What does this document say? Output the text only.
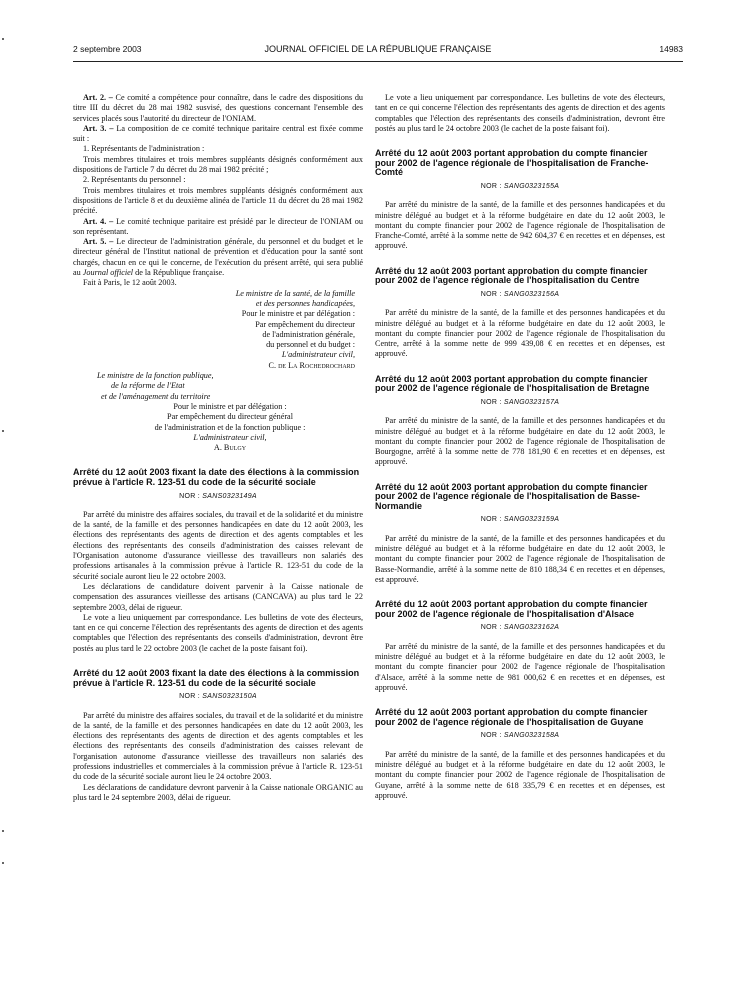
2 septembre 2003	JOURNAL OFFICIEL DE LA RÉPUBLIQUE FRANÇAISE	14983

Art. 2. – Ce comité a compétence pour connaître, dans le cadre des dispositions du titre III du décret du 28 mai 1982 susvisé, des questions concernant l'ensemble des services placés sous l'autorité du directeur de l'ONIAM.

Art. 3. – La composition de ce comité technique paritaire central est fixée comme suit :

1. Représentants de l'administration :

Trois membres titulaires et trois membres suppléants désignés conformément aux dispositions de l'article 7 du décret du 28 mai 1982 précité ;

2. Représentants du personnel :

Trois membres titulaires et trois membres suppléants désignés conformément aux dispositions de l'article 8 et du deuxième alinéa de l'article 11 du décret du 28 mai 1982 précité.

Art. 4. – Le comité technique paritaire est présidé par le directeur de l'ONIAM ou son représentant.

Art. 5. – Le directeur de l'administration générale, du personnel et du budget et le directeur général de l'Institut national de prévention et d'éducation pour la santé sont chargés, chacun en ce qui le concerne, de l'exécution du présent arrêté, qui sera publié au Journal officiel de la République française.

Fait à Paris, le 12 août 2003.

Le ministre de la santé, de la famille
et des personnes handicapées,
Pour le ministre et par délégation :
Par empêchement du directeur
de l'administration générale,
du personnel et du budget :
L'administrateur civil,
C. de La Rochedrochard
Le ministre de la fonction publique,
de la réforme de l'Etat
et de l'aménagement du territoire
Pour le ministre et par délégation :
Par empêchement du directeur général
de l'administration et de la fonction publique :
L'administrateur civil,
A. Bulgy
Arrêté du 12 août 2003 fixant la date des élections à la commission prévue à l'article R. 123-51 du code de la sécurité sociale
NOR : SANS0323149A

Par arrêté du ministre des affaires sociales, du travail et de la solidarité et du ministre de la santé, de la famille et des personnes handicapées en date du 12 août 2003, les élections des représentants des agents de direction et des agents comptables et les élections des représentants des conseils d'administration des caisses relevant de l'Organisation autonome d'assurance vieillesse des travailleurs non salariés des professions artisanales à la commission prévue à l'article R. 123-51 du code de la sécurité sociale auront lieu le 22 octobre 2003.

Les déclarations de candidature doivent parvenir à la Caisse nationale de compensation des assurances vieillesse des artisans (CANCAVA) au plus tard le 22 septembre 2003, délai de rigueur.

Le vote a lieu uniquement par correspondance. Les bulletins de vote des électeurs, tant en ce qui concerne l'élection des représentants des agents de direction et des agents comptables que l'élection des représentants des conseils d'administration, devront être postés au plus tard le 22 octobre 2003 (le cachet de la poste faisant foi).

Arrêté du 12 août 2003 fixant la date des élections à la commission prévue à l'article R. 123-51 du code de la sécurité sociale
NOR : SANS0323150A

Par arrêté du ministre des affaires sociales, du travail et de la solidarité et du ministre de la santé, de la famille et des personnes handicapées en date du 12 août 2003, les élections des représentants des agents de direction et des agents comptables et les élections des représentants des conseils d'administration des caisses relevant de l'organisation autonome d'assurance vieillesse des travailleurs non salariés des professions industrielles et commerciales à la commission prévue à l'article R. 123-51 du code de la sécurité sociale auront lieu le 24 octobre 2003.

Les déclarations de candidature devront parvenir à la Caisse nationale ORGANIC au plus tard le 24 septembre 2003, délai de rigueur.

Le vote a lieu uniquement par correspondance. Les bulletins de vote des électeurs, tant en ce qui concerne l'élection des représentants des agents de direction et des agents comptables que l'élection des représentants des conseils d'administration, devront être postés au plus tard le 24 octobre 2003 (le cachet de la poste faisant foi).

Arrêté du 12 août 2003 portant approbation du compte financier pour 2002 de l'agence régionale de l'hospitalisation de Franche-Comté
NOR : SANG0323155A

Par arrêté du ministre de la santé, de la famille et des personnes handicapées et du ministre délégué au budget et à la réforme budgétaire en date du 12 août 2003, le montant du compte financier pour 2002 de l'agence régionale de l'hospitalisation de Franche-Comté, arrêté à la somme nette de 942 604,37 € en recettes et en dépenses, est approuvé.

Arrêté du 12 août 2003 portant approbation du compte financier pour 2002 de l'agence régionale de l'hospitalisation du Centre
NOR : SANG0323156A

Par arrêté du ministre de la santé, de la famille et des personnes handicapées et du ministre délégué au budget et à la réforme budgétaire en date du 12 août 2003, le montant du compte financier pour 2002 de l'agence régionale de l'hospitalisation du Centre, arrêté à la somme nette de 999 439,08 € en recettes et en dépenses, est approuvé.

Arrêté du 12 août 2003 portant approbation du compte financier pour 2002 de l'agence régionale de l'hospitalisation de Bretagne
NOR : SANG0323157A

Par arrêté du ministre de la santé, de la famille et des personnes handicapées et du ministre délégué au budget et à la réforme budgétaire en date du 12 août 2003, le montant du compte financier pour 2002 de l'agence régionale de l'hospitalisation de Bourgogne, arrêté à la somme nette de 778 181,90 € en recettes et en dépenses, est approuvé.

Arrêté du 12 août 2003 portant approbation du compte financier pour 2002 de l'agence régionale de l'hospitalisation de Basse-Normandie
NOR : SANG0323159A

Par arrêté du ministre de la santé, de la famille et des personnes handicapées et du ministre délégué au budget et à la réforme budgétaire en date du 12 août 2003, le montant du compte financier pour 2002 de l'agence régionale de l'hospitalisation de Basse-Normandie, arrêté à la somme nette de 810 188,34 € en recettes et en dépenses, est approuvé.

Arrêté du 12 août 2003 portant approbation du compte financier pour 2002 de l'agence régionale de l'hospitalisation d'Alsace
NOR : SANG0323162A

Par arrêté du ministre de la santé, de la famille et des personnes handicapées et du ministre délégué au budget et à la réforme budgétaire en date du 12 août 2003, le montant du compte financier pour 2002 de l'agence régionale de l'hospitalisation d'Alsace, arrêté à la somme nette de 981 000,62 € en recettes et en dépenses, est approuvé.

Arrêté du 12 août 2003 portant approbation du compte financier pour 2002 de l'agence régionale de l'hospitalisation de Guyane
NOR : SANG0323158A

Par arrêté du ministre de la santé, de la famille et des personnes handicapées et du ministre délégué au budget et à la réforme budgétaire en date du 12 août 2003, le montant du compte financier pour 2002 de l'agence régionale de l'hospitalisation de Guyane, arrêté à la somme nette de 618 335,79 € en recettes et en dépenses, est approuvé.
